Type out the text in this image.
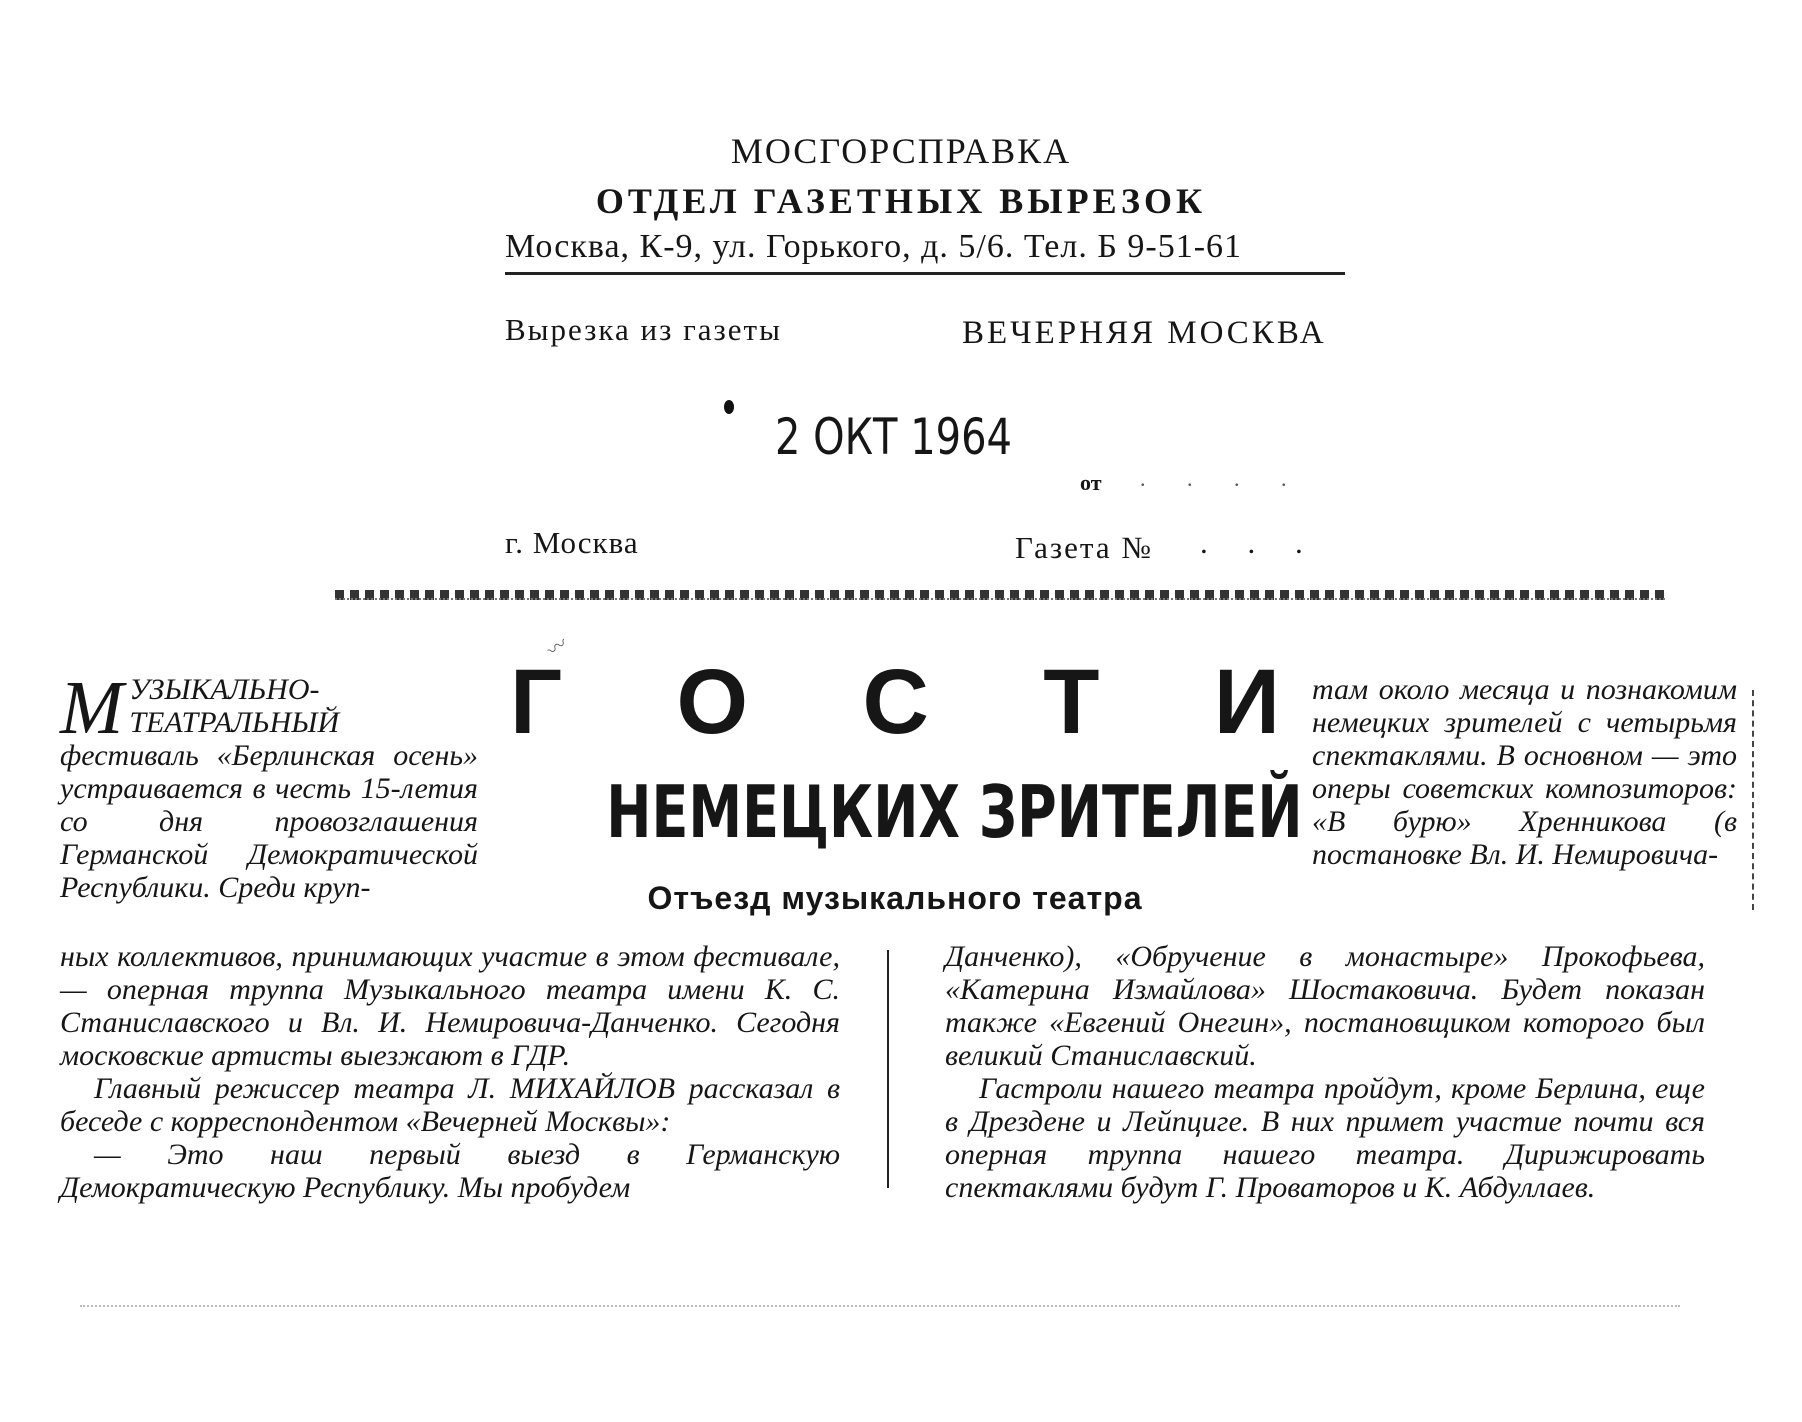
МОСГОРСПРАВКА
ОТДЕЛ ГАЗЕТНЫХ ВЫРЕЗОК
Москва, К-9, ул. Горького, д. 5/6. Тел. Б 9-51-61
Вырезка из газеты	ВЕЧЕРНЯЯ МОСКВА
2 ОКТ 1964
от . . . .
г. Москва	Газета № . . .
〰
Г О С Т И
НЕМЕЦКИХ ЗРИТЕЛЕЙ
Отъезд музыкального театра
М УЗЫКАЛЬНО-ТЕАТРАЛЬНЫЙ фестиваль «Берлинская осень» устраивается в честь 15-летия со дня провозглашения Германской Демократической Республики. Среди круп-

там около месяца и познакомим немецких зрителей с четырьмя спектаклями. В основном — это оперы советских композиторов: «В бурю» Хренникова (в постановке Вл. И. Немировича-

ных коллективов, принимающих участие в этом фестивале, — оперная труппа Музыкального театра имени К. С. Станиславского и Вл. И. Немировича-Данченко. Сегодня московские артисты выезжают в ГДР.

Главный режиссер театра Л. МИХАЙЛОВ рассказал в беседе с корреспондентом «Вечерней Москвы»:

— Это наш первый выезд в Германскую Демократическую Республику. Мы пробудем

Данченко), «Обручение в монастыре» Прокофьева, «Катерина Измайлова» Шостаковича. Будет показан также «Евгений Онегин», постановщиком которого был великий Станиславский.

Гастроли нашего театра пройдут, кроме Берлина, еще в Дрездене и Лейпциге. В них примет участие почти вся оперная труппа нашего театра. Дирижировать спектаклями будут Г. Проваторов и К. Абдуллаев.
